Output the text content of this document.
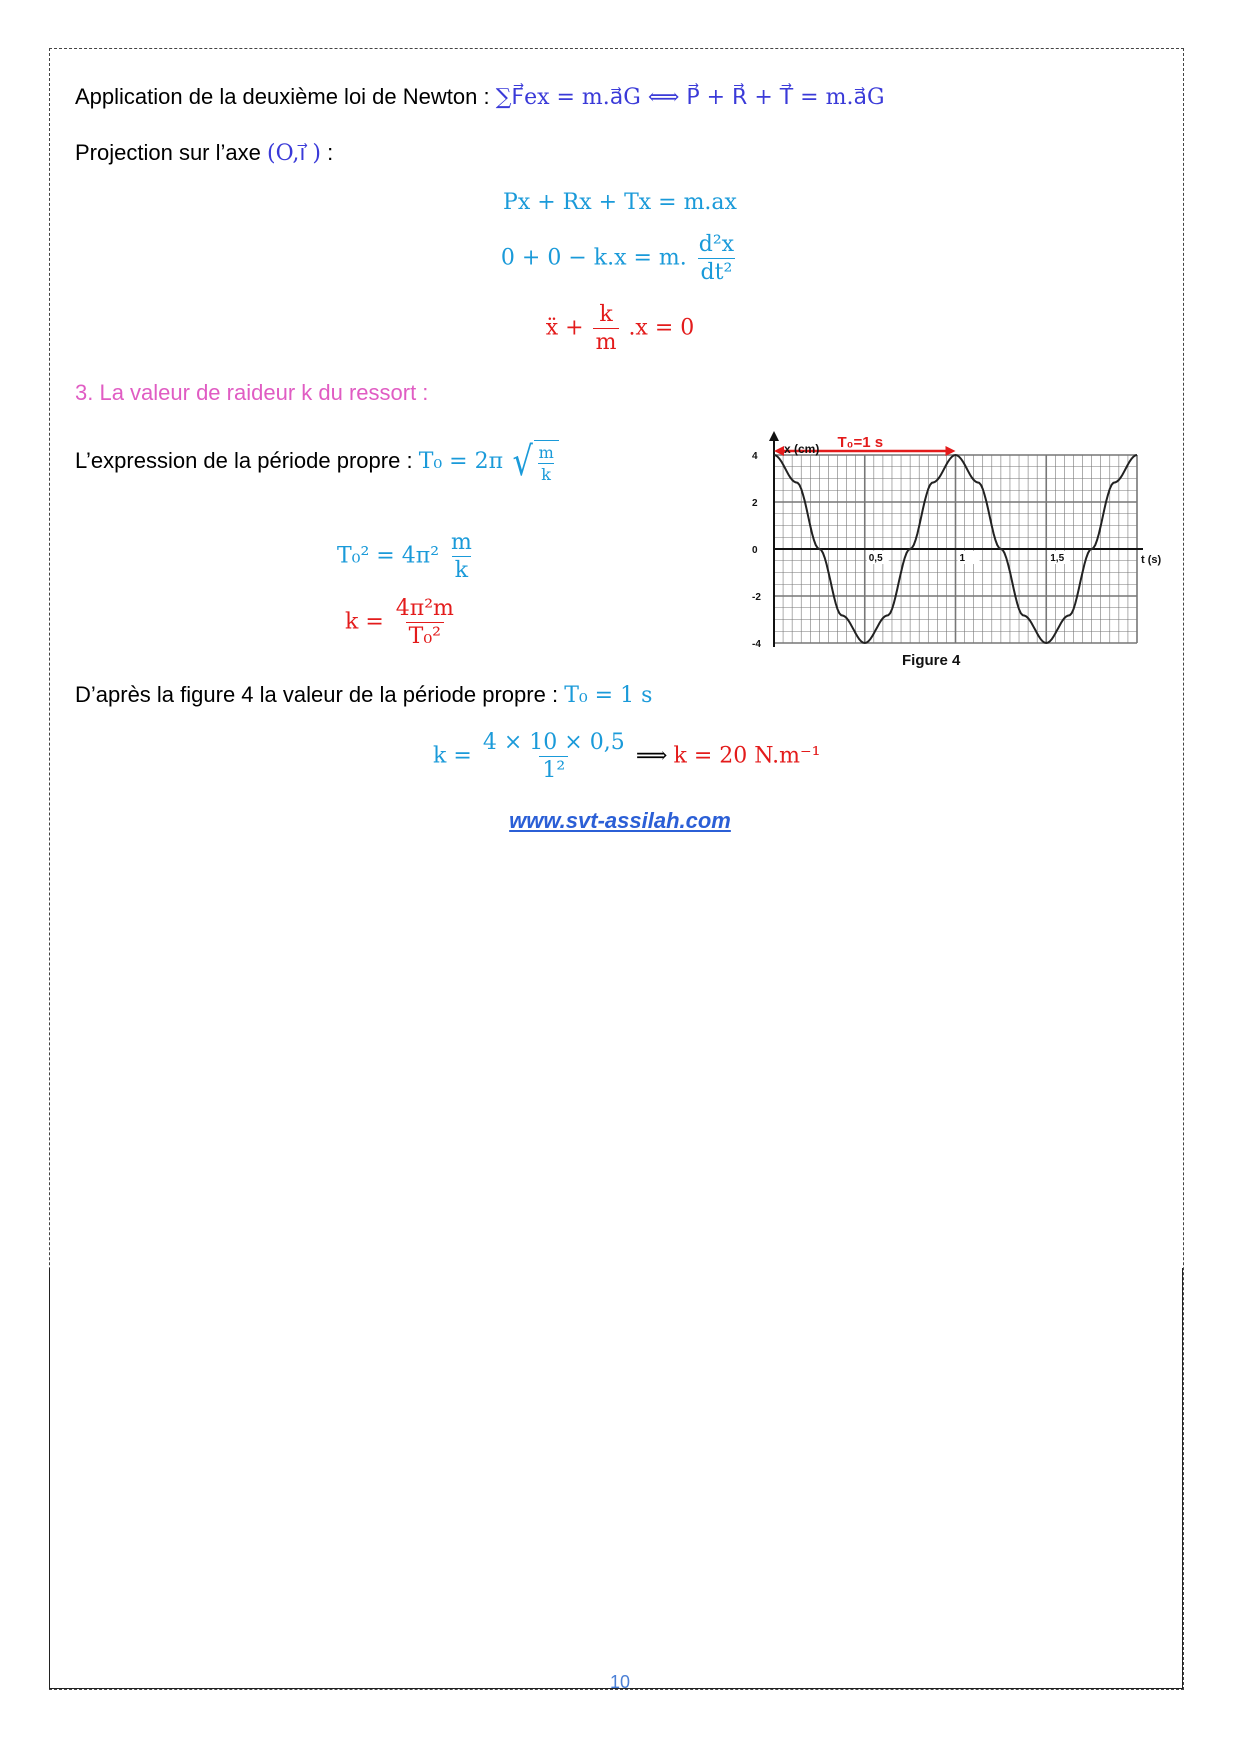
Application de la deuxième loi de Newton : ∑F⃗ex = m.a⃗G ⟺ P⃗ + R⃗ + T⃗ = m.a⃗G
Projection sur l’axe (O,ı⃗ ) :
Px + Rx + Tx = m.ax
0 + 0 − k.x = m. $\frac{\text{d²x}}{\text{dt²}}$
ẍ + $\frac{k}{m} .x = 0$
3. La valeur de raideur k du ressort :
L’expression de la période propre : T₀ = 2π √ $\frac{m}{k}$
$T_0^2 = 4\pi^2 \frac{m}{k}$
$k = \frac{\text{4π²m}}{\text{T₀²}}$
x (cm) T₀=1 s
t (s)
4
2
0
-2
-4
0,5	1	1,5
Figure 4
D’après la figure 4 la valeur de la période propre : T₀ = 1 s
$k = \frac{4 \times 10 \times 0,5}{\text{1²}}$ ⟹ k = 20 N.m⁻¹
www.svt-assilah.com
10
